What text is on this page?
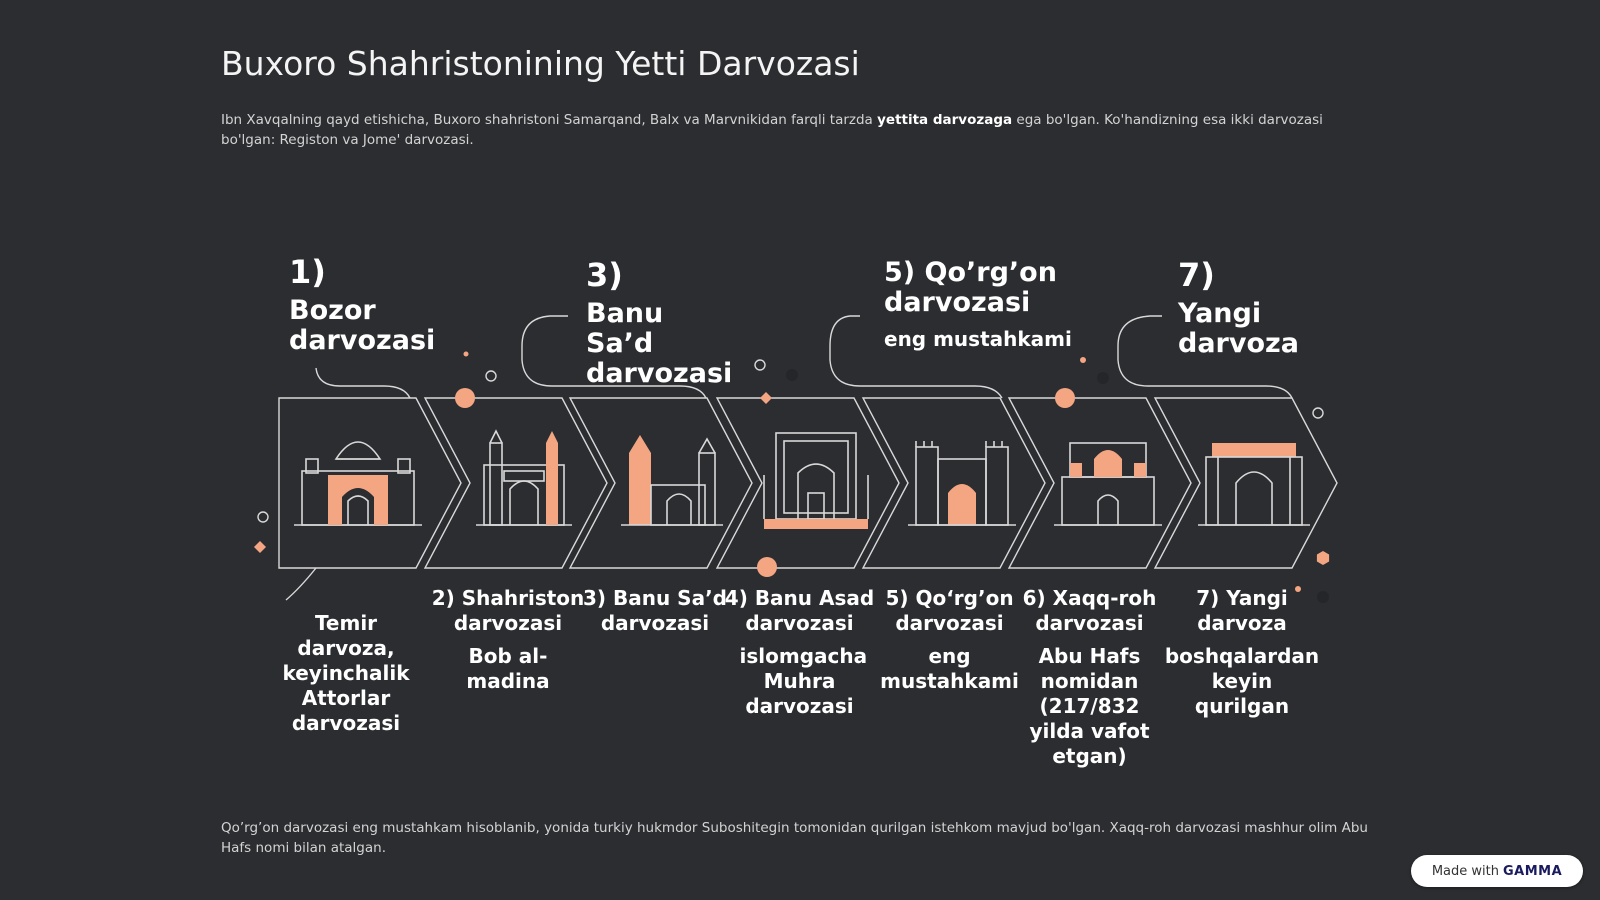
Buxoro Shahristonining Yetti Darvozasi

Ibn Xavqalning qayd etishicha, Buxoro shahristoni Samarqand, Balx va Marvnikidan farqli tarzda yettita darvozaga ega bo'lgan. Ko'handizning esa ikki darvozasi bo'lgan: Registon va Jome' darvozasi.

1)
Bozor darvozasi
3)
Banu Sa’d darvozasi
5) Qo’rg’on darvozasi
eng mustahkami
7)
Yangi darvoza
Temir darvoza, keyinchalik Attorlar darvozasi
2) Shahriston darvozasi
Bob al-madina
3) Banu Sa’d darvozasi
4) Banu Asad darvozasi
islomgacha Muhra darvozasi
5) Qo‘rg’on darvozasi
eng mustahkami
6) Xaqq-roh darvozasi
Abu Hafs nomidan (217/832 yilda vafot etgan)
7) Yangi darvoza
boshqalardan keyin qurilgan

Qo’rg’on darvozasi eng mustahkam hisoblanib, yonida turkiy hukmdor Suboshitegin tomonidan qurilgan istehkom mavjud bo'lgan. Xaqq-roh darvozasi mashhur olim Abu Hafs nomi bilan atalgan.

Made with GAMMA
